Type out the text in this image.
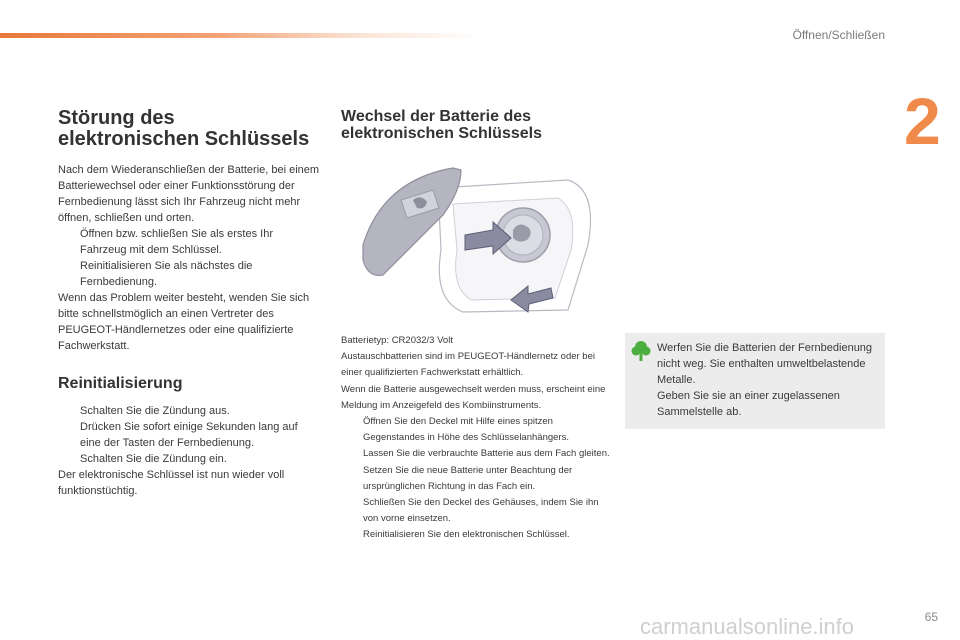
Öffnen/Schließen
2
Störung des elektronischen Schlüssels

Nach dem Wiederanschließen der Batterie, bei einem Batteriewechsel oder einer Funktionsstörung der Fernbedienung lässt sich Ihr Fahrzeug nicht mehr öffnen, schließen und orten.

Öffnen bzw. schließen Sie als erstes Ihr Fahrzeug mit dem Schlüssel.
Reinitialisieren Sie als nächstes die Fernbedienung.

Wenn das Problem weiter besteht, wenden Sie sich bitte schnellstmöglich an einen Vertreter des PEUGEOT-Händlernetzes oder eine qualifizierte Fachwerkstatt.

Reinitialisierung
Schalten Sie die Zündung aus.
Drücken Sie sofort einige Sekunden lang auf eine der Tasten der Fernbedienung.
Schalten Sie die Zündung ein.

Der elektronische Schlüssel ist nun wieder voll funktionstüchtig.

Wechsel der Batterie des elektronischen Schlüssels

Batterietyp: CR2032/3 Volt

Austauschbatterien sind im PEUGEOT-Händlernetz oder bei einer qualifizierten Fachwerkstatt erhältlich.

Wenn die Batterie ausgewechselt werden muss, erscheint eine Meldung im Anzeigefeld des Kombiinstruments.

Öffnen Sie den Deckel mit Hilfe eines spitzen Gegenstandes in Höhe des Schlüsselanhängers.
Lassen Sie die verbrauchte Batterie aus dem Fach gleiten.
Setzen Sie die neue Batterie unter Beachtung der ursprünglichen Richtung in das Fach ein.
Schließen Sie den Deckel des Gehäuses, indem Sie ihn von vorne einsetzen.
Reinitialisieren Sie den elektronischen Schlüssel.
Werfen Sie die Batterien der Fernbedienung nicht weg. Sie enthalten umweltbelastende Metalle.
Geben Sie sie an einer zugelassenen Sammelstelle ab.
65
carmanualsonline.info
